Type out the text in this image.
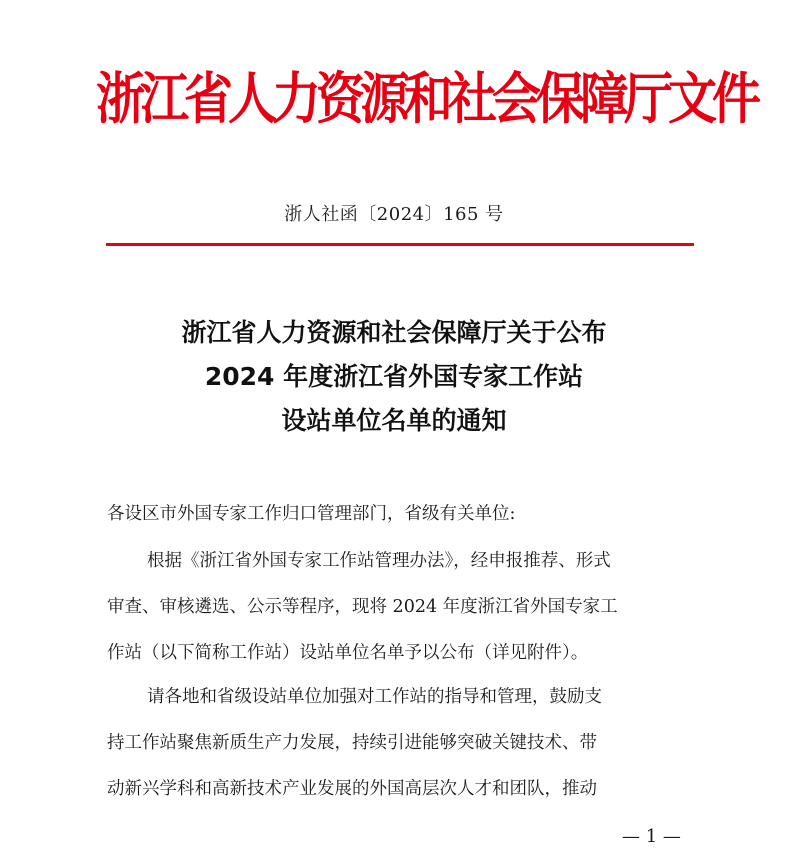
浙江省人力资源和社会保障厅文件
浙人社函〔2024〕165 号
浙江省人力资源和社会保障厅关于公布
2024 年度浙江省外国专家工作站
设站单位名单的通知
各设区市外国专家工作归口管理部门，省级有关单位:
根据《浙江省外国专家工作站管理办法》，经申报推荐、形式
审查、审核遴选、公示等程序，现将 2024 年度浙江省外国专家工
作站（以下简称工作站）设站单位名单予以公布（详见附件）。
请各地和省级设站单位加强对工作站的指导和管理，鼓励支
持工作站聚焦新质生产力发展，持续引进能够突破关键技术、带
动新兴学科和高新技术产业发展的外国高层次人才和团队，推动
— 1 —
